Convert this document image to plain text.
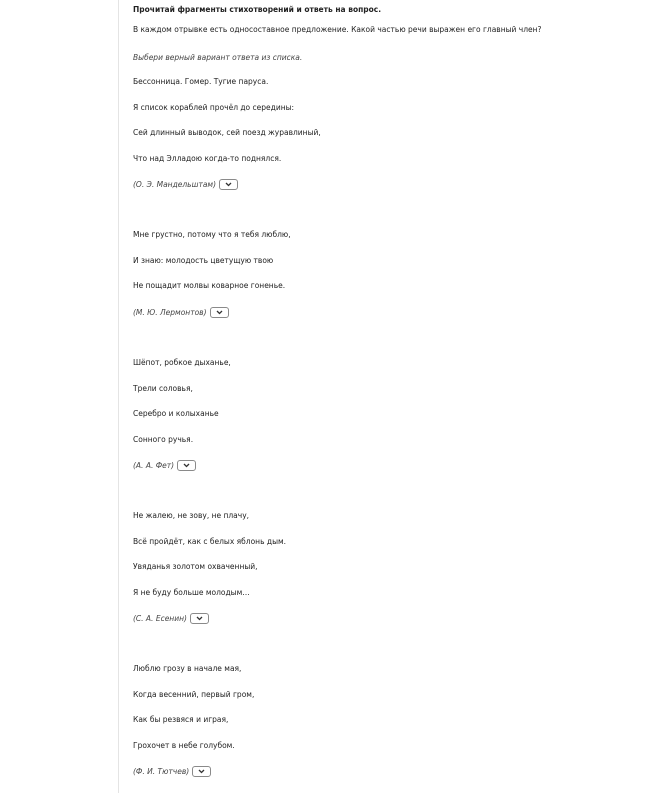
Прочитай фрагменты стихотворений и ответь на вопрос.
В каждом отрывке есть односоставное предложение. Какой частью речи выражен его главный член?
Выбери верный вариант ответа из списка.
Бессонница. Гомер. Тугие паруса.
Я список кораблей прочёл до середины:
Сей длинный выводок, сей поезд журавлиный,
Что над Элладою когда-то поднялся.
(О. Э. Мандельштам)
Мне грустно, потому что я тебя люблю,
И знаю: молодость цветущую твою
Не пощадит молвы коварное гоненье.
(М. Ю. Лермонтов)
Шёпот, робкое дыханье,
Трели соловья,
Серебро и колыханье
Сонного ручья.
(А. А. Фет)
Не жалею, не зову, не плачу,
Всё пройдёт, как с белых яблонь дым.
Увяданья золотом охваченный,
Я не буду больше молодым…
(С. А. Есенин)
Люблю грозу в начале мая,
Когда весенний, первый гром,
Как бы резвяся и играя,
Грохочет в небе голубом.
(Ф. И. Тютчев)
